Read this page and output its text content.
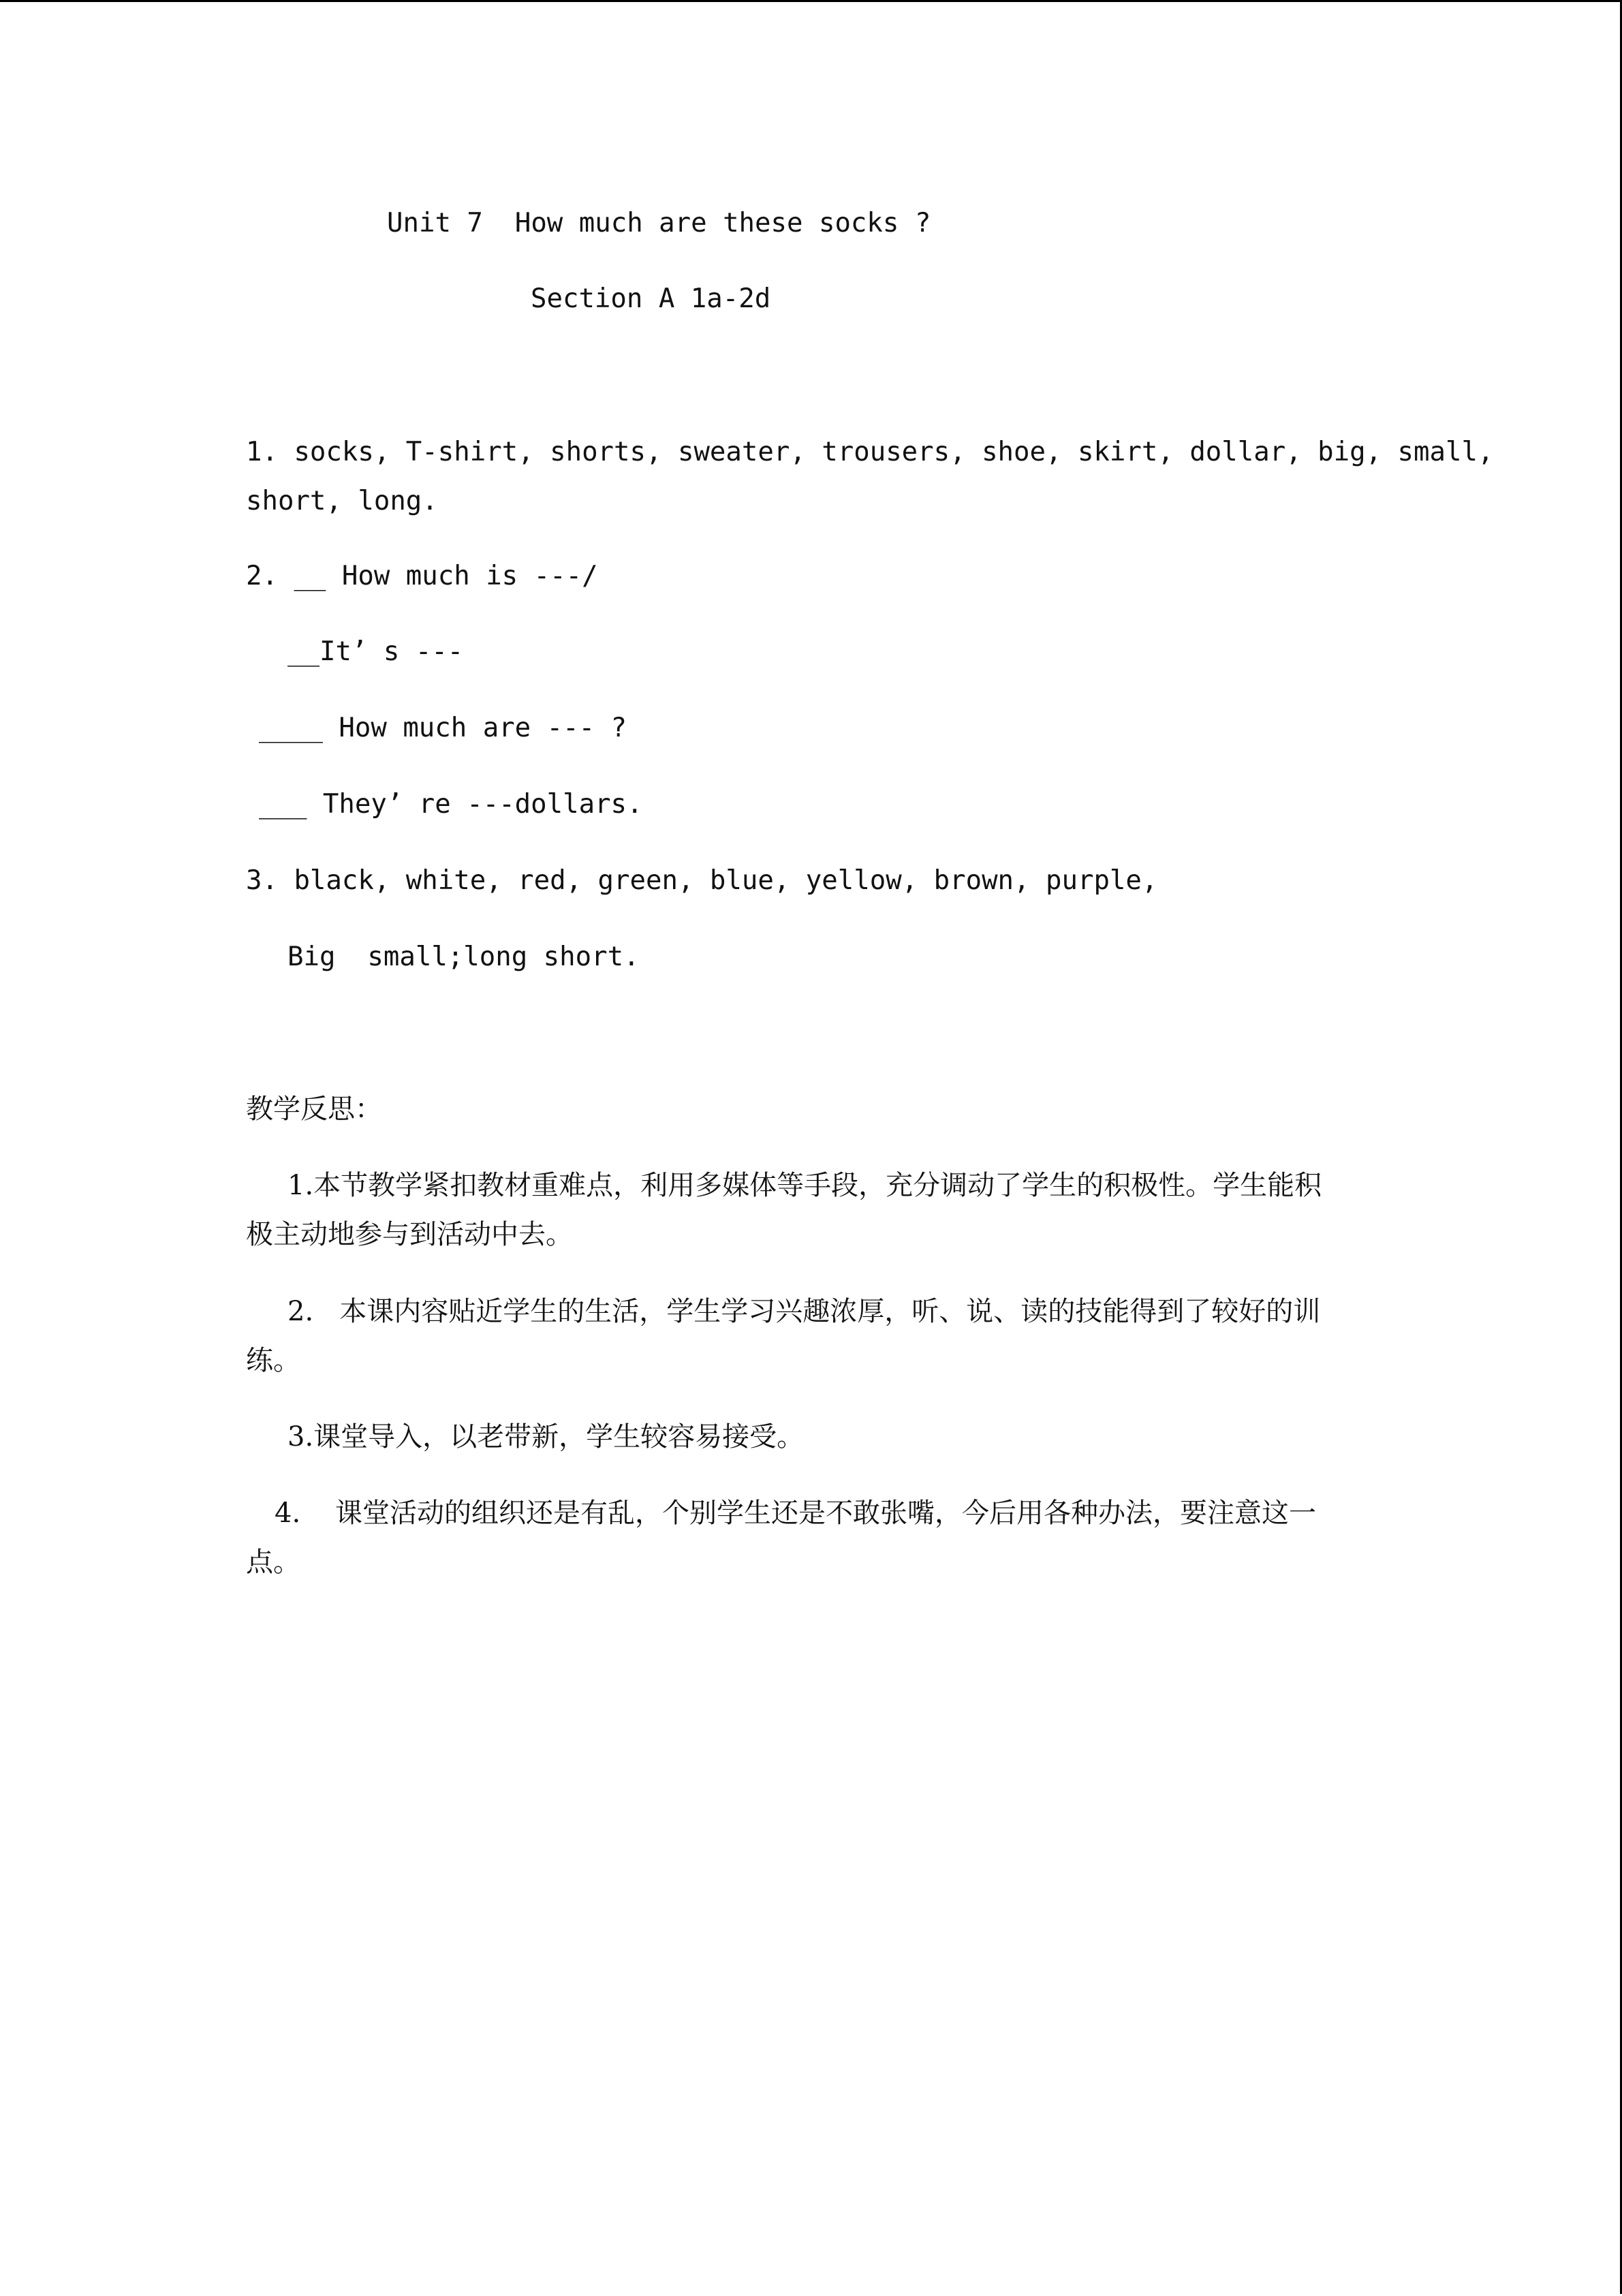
Unit 7  How much are these socks ?
Section A 1a-2d
1. socks, T-shirt, shorts, sweater, trousers, shoe, skirt, dollar, big, small,
short, long.
2. __ How much is ---/
__It’ s ---
____ How much are --- ?
___ They’ re ---dollars.
3. black, white, red, green, blue, yellow, brown, purple,
Big  small;long short.
教学反思：
1.本节教学紧扣教材重难点，利用多媒体等手段，充分调动了学生的积极性。学生能积
极主动地参与到活动中去。
2.   本课内容贴近学生的生活，学生学习兴趣浓厚，听、说、读的技能得到了较好的训
练。
3.课堂导入，以老带新，学生较容易接受。
4.    课堂活动的组织还是有乱，个别学生还是不敢张嘴，今后用各种办法，要注意这一
点。
